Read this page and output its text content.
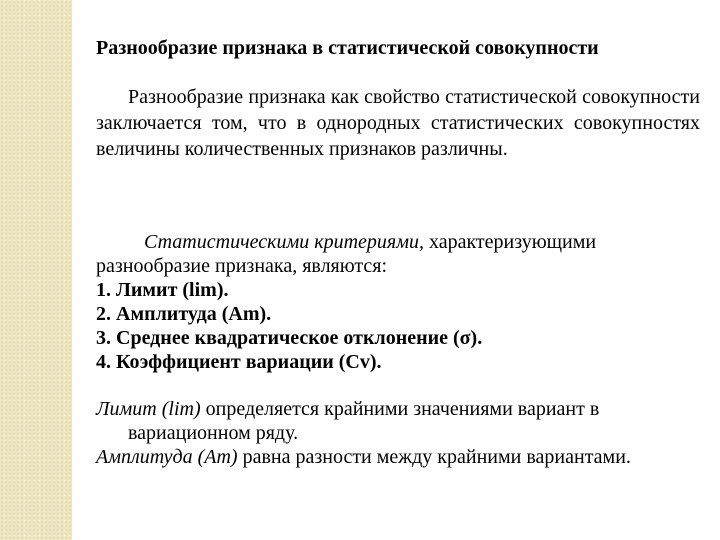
Разнообразие признака в статистической совокупности
Разнообразие признака как свойство статистической совокупности заключается том, что в однородных статистических совокупностях величины количественных признаков различны.
Статистическими критериями, характеризующими разнообразие признака, являются:
1. Лимит (lim).
2. Амплитуда (Am).
3. Среднее квадратическое отклонение (σ).
4. Коэффициент вариации (Cv).
Лимит (lim) определяется крайними значениями вариант в вариационном ряду.
Амплитуда (Am) равна разности между крайними вариантами.
